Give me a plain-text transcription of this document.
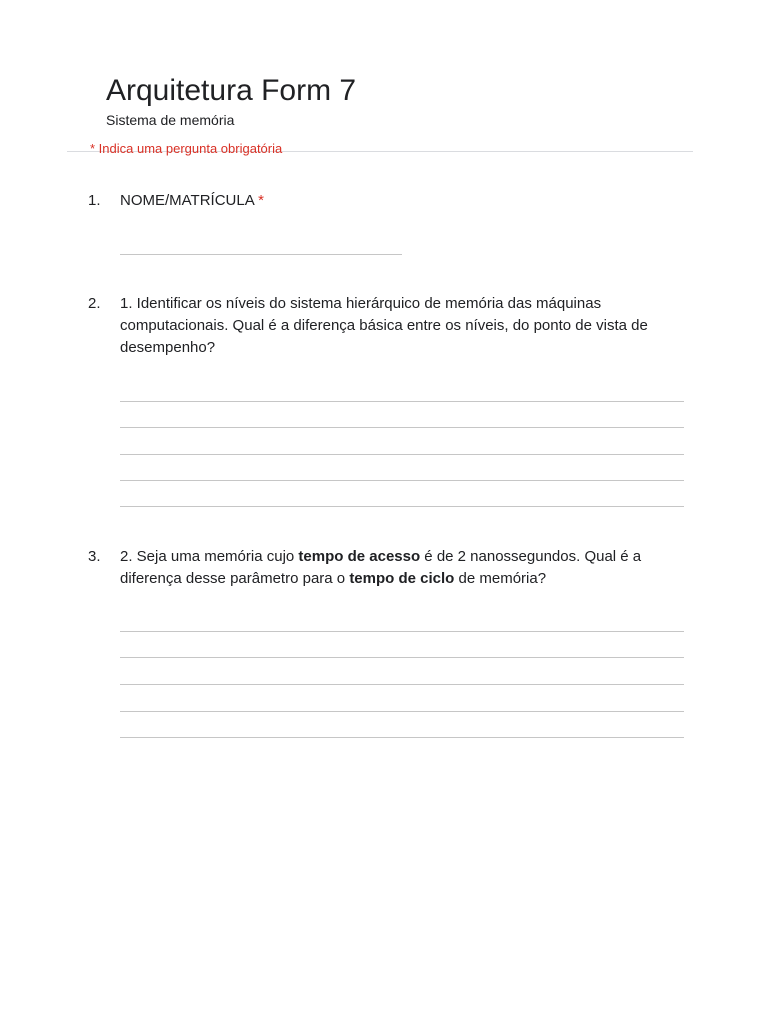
Arquitetura Form 7
Sistema de memória
* Indica uma pergunta obrigatória
1. NOME/MATRÍCULA *
2. 1. Identificar os níveis do sistema hierárquico de memória das máquinas computacionais. Qual é a diferença básica entre os níveis, do ponto de vista de desempenho?
3. 2. Seja uma memória cujo tempo de acesso é de 2 nanossegundos. Qual é a diferença desse parâmetro para o tempo de ciclo de memória?
